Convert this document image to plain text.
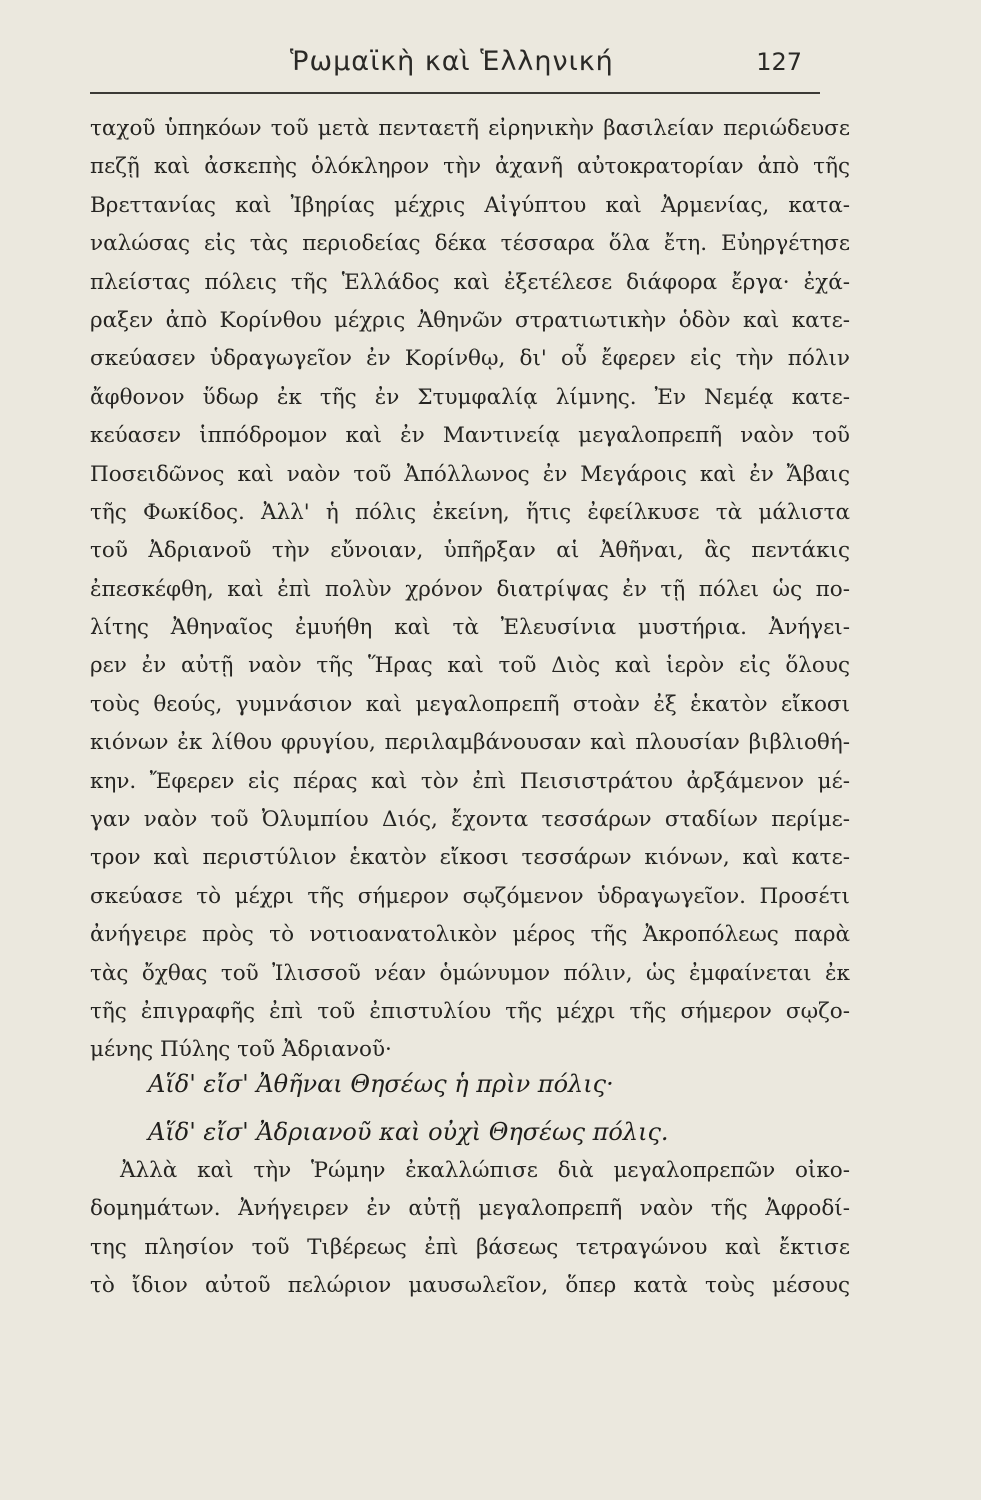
Ῥωμαϊκὴ καὶ Ἑλληνική	127
ταχοῦ ὑπηκόων τοῦ μετὰ πενταετῆ εἰρηνικὴν βασιλείαν περιώδευσε
πεζῇ καὶ ἀσκεπὴς ὁλόκληρον τὴν ἀχανῆ αὐτοκρατορίαν ἀπὸ τῆς
Βρεττανίας καὶ Ἰβηρίας μέχρις Αἰγύπτου καὶ Ἀρμενίας, κατα-
ναλώσας εἰς τὰς περιοδείας δέκα τέσσαρα ὅλα ἔτη. Εὐηργέτησε
πλείστας πόλεις τῆς Ἑλλάδος καὶ ἐξετέλεσε διάφορα ἔργα· ἐχά-
ραξεν ἀπὸ Κορίνθου μέχρις Ἀθηνῶν στρατιωτικὴν ὁδὸν καὶ κατε-
σκεύασεν ὑδραγωγεῖον ἐν Κορίνθῳ, δι' οὗ ἔφερεν εἰς τὴν πόλιν
ἄφθονον ὕδωρ ἐκ τῆς ἐν Στυμφαλίᾳ λίμνης. Ἐν Νεμέᾳ κατε-
κεύασεν ἱππόδρομον καὶ ἐν Μαντινείᾳ μεγαλοπρεπῆ ναὸν τοῦ
Ποσειδῶνος καὶ ναὸν τοῦ Ἀπόλλωνος ἐν Μεγάροις καὶ ἐν Ἄβαις
τῆς Φωκίδος. Ἀλλ' ἡ πόλις ἐκείνη, ἥτις ἐφείλκυσε τὰ μάλιστα
τοῦ Ἀδριανοῦ τὴν εὔνοιαν, ὑπῆρξαν αἱ Ἀθῆναι, ἃς πεντάκις
ἐπεσκέφθη, καὶ ἐπὶ πολὺν χρόνον διατρίψας ἐν τῇ πόλει ὡς πο-
λίτης Ἀθηναῖος ἐμυήθη καὶ τὰ Ἐλευσίνια μυστήρια. Ἀνήγει-
ρεν ἐν αὐτῇ ναὸν τῆς Ἥρας καὶ τοῦ Διὸς καὶ ἱερὸν εἰς ὅλους
τοὺς θεούς, γυμνάσιον καὶ μεγαλοπρεπῆ στοὰν ἐξ ἑκατὸν εἴκοσι
κιόνων ἐκ λίθου φρυγίου, περιλαμβάνουσαν καὶ πλουσίαν βιβλιοθή-
κην. Ἔφερεν εἰς πέρας καὶ τὸν ἐπὶ Πεισιστράτου ἀρξάμενον μέ-
γαν ναὸν τοῦ Ὀλυμπίου Διός, ἔχοντα τεσσάρων σταδίων περίμε-
τρον καὶ περιστύλιον ἑκατὸν εἴκοσι τεσσάρων κιόνων, καὶ κατε-
σκεύασε τὸ μέχρι τῆς σήμερον σῳζόμενον ὑδραγωγεῖον. Προσέτι
ἀνήγειρε πρὸς τὸ νοτιοανατολικὸν μέρος τῆς Ἀκροπόλεως παρὰ
τὰς ὄχθας τοῦ Ἰλισσοῦ νέαν ὁμώνυμον πόλιν, ὡς ἐμφαίνεται ἐκ
τῆς ἐπιγραφῆς ἐπὶ τοῦ ἐπιστυλίου τῆς μέχρι τῆς σήμερον σῳζο-
μένης Πύλης τοῦ Ἀδριανοῦ·
Αἵδ' εἴσ' Ἀθῆναι Θησέως ἡ πρὶν πόλις·
Αἵδ' εἴσ' Ἀδριανοῦ καὶ οὐχὶ Θησέως πόλις.
Ἀλλὰ καὶ τὴν Ῥώμην ἐκαλλώπισε διὰ μεγαλοπρεπῶν οἰκο-
δομημάτων. Ἀνήγειρεν ἐν αὐτῇ μεγαλοπρεπῆ ναὸν τῆς Ἀφροδί-
της πλησίον τοῦ Τιβέρεως ἐπὶ βάσεως τετραγώνου καὶ ἔκτισε
τὸ ἴδιον αὐτοῦ πελώριον μαυσωλεῖον, ὅπερ κατὰ τοὺς μέσους
